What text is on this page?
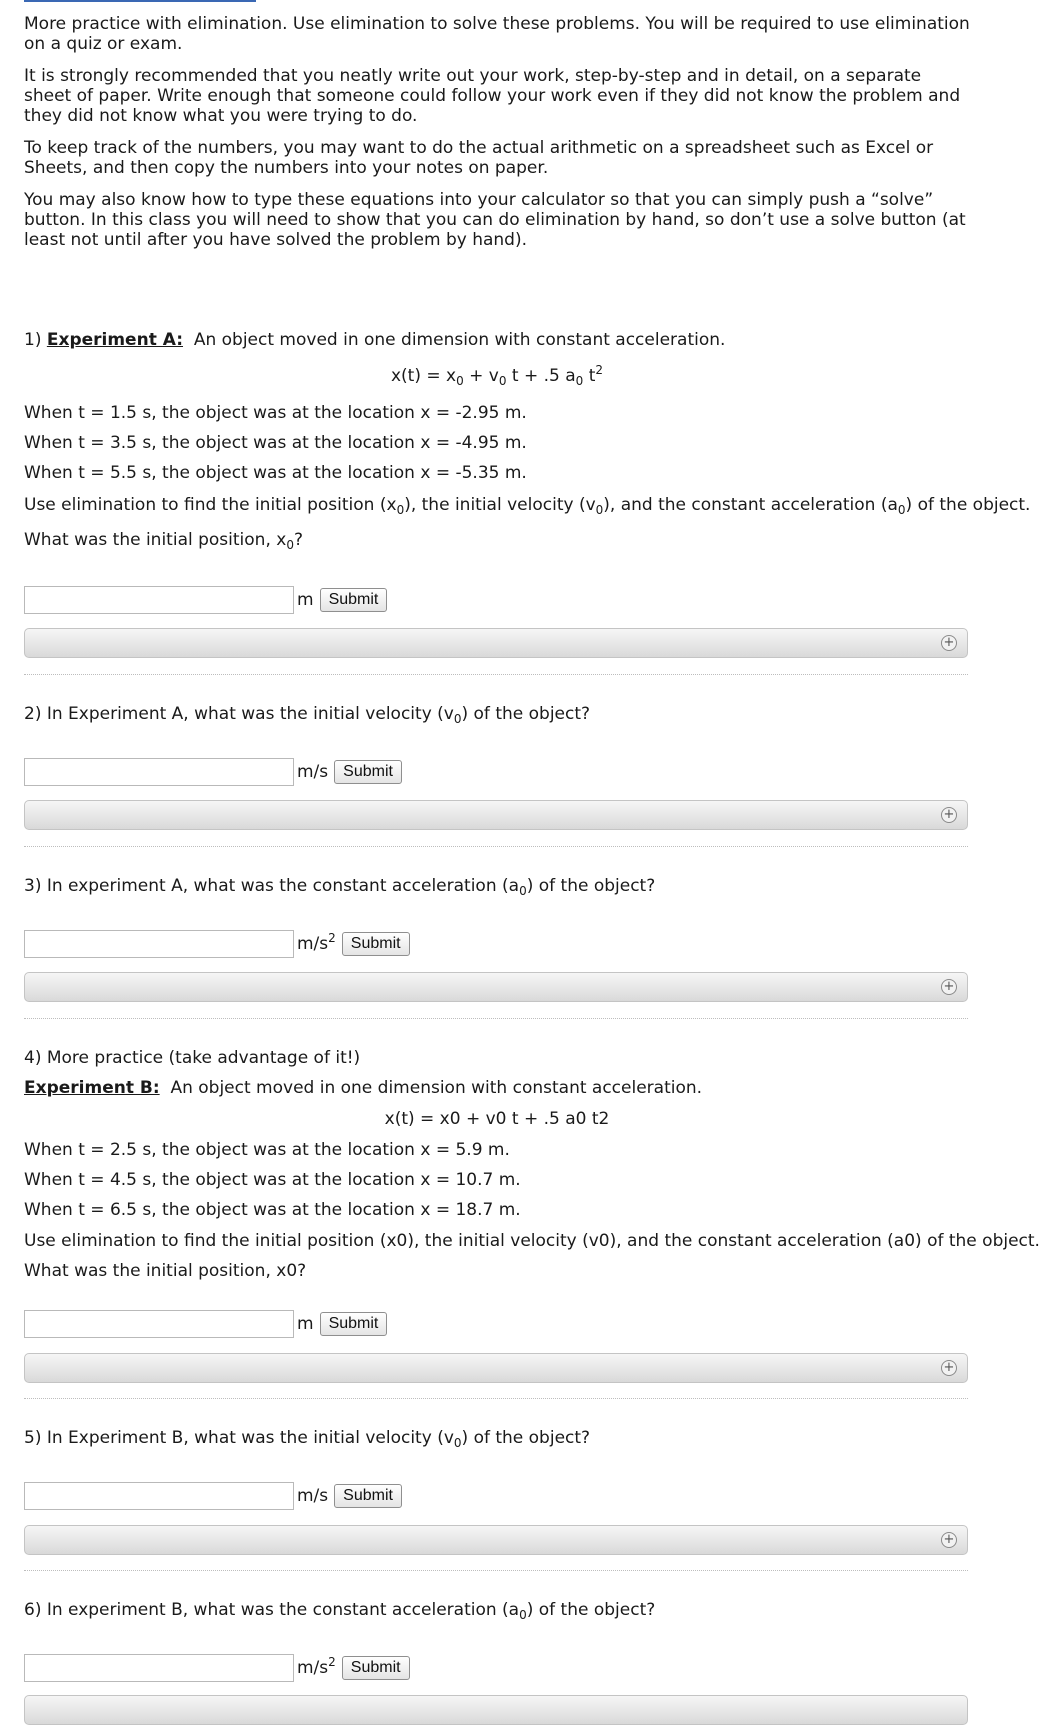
More practice with elimination. Use elimination to solve these problems. You will be required to use elimination on a quiz or exam.

It is strongly recommended that you neatly write out your work, step-by-step and in detail, on a separate sheet of paper. Write enough that someone could follow your work even if they did not know the problem and they did not know what you were trying to do.

To keep track of the numbers, you may want to do the actual arithmetic on a spreadsheet such as Excel or Sheets, and then copy the numbers into your notes on paper.

You may also know how to type these equations into your calculator so that you can simply push a “solve” button. In this class you will need to show that you can do elimination by hand, so don’t use a solve button (at least not until after you have solved the problem by hand).

1) Experiment A: An object moved in one dimension with constant acceleration.
$x(t) = x_0 + v_0$ t + .5 $a_0$ $t^2$
When t = 1.5 s, the object was at the location x = -2.95 m.
When t = 3.5 s, the object was at the location x = -4.95 m.
When t = 5.5 s, the object was at the location x = -5.35 m.
Use elimination to find the initial position $(x_0)$, the initial velocity $(v_0)$, and the constant acceleration $(a_0)$ of the object.
What was the initial position, $x_0$?
m Submit
+
2) In Experiment A, what was the initial velocity $(v_0)$ of the object?
m/s Submit
+
3) In experiment A, what was the constant acceleration $(a_0)$ of the object?
$m/s^2$ Submit
+
4) More practice (take advantage of it!)
Experiment B: An object moved in one dimension with constant acceleration.
x(t) = x0 + v0 t + .5 a0 t2
When t = 2.5 s, the object was at the location x = 5.9 m.
When t = 4.5 s, the object was at the location x = 10.7 m.
When t = 6.5 s, the object was at the location x = 18.7 m.
Use elimination to find the initial position (x0), the initial velocity (v0), and the constant acceleration (a0) of the object.
What was the initial position, x0?
m Submit
+
5) In Experiment B, what was the initial velocity $(v_0)$ of the object?
m/s Submit
+
6) In experiment B, what was the constant acceleration $(a_0)$ of the object?
$m/s^2$ Submit
